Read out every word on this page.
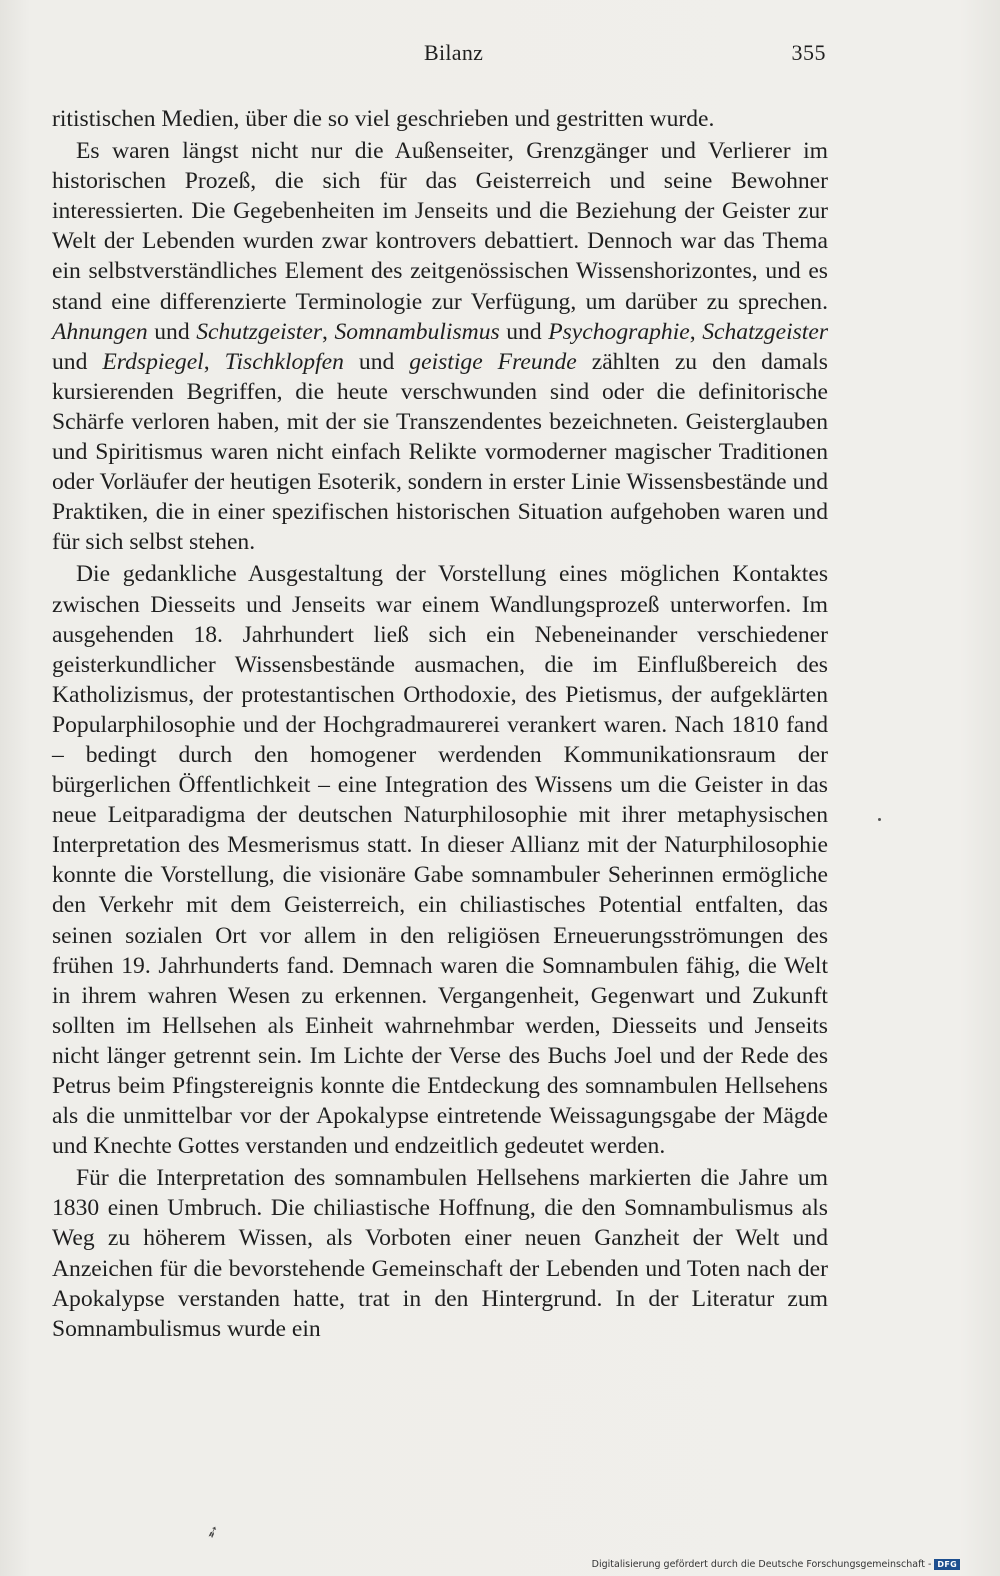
Bilanz	355

ritistischen Medien, über die so viel geschrieben und gestritten wurde.

Es waren längst nicht nur die Außenseiter, Grenzgänger und Verlierer im historischen Prozeß, die sich für das Geisterreich und seine Bewohner interessierten. Die Gegebenheiten im Jenseits und die Beziehung der Geister zur Welt der Lebenden wurden zwar kontrovers debattiert. Dennoch war das Thema ein selbstverständliches Element des zeitgenössischen Wissenshorizontes, und es stand eine differenzierte Terminologie zur Verfügung, um darüber zu sprechen. Ahnungen und Schutzgeister, Somnambulismus und Psychographie, Schatzgeister und Erdspiegel, Tischklopfen und geistige Freunde zählten zu den damals kursierenden Begriffen, die heute verschwunden sind oder die definitorische Schärfe verloren haben, mit der sie Transzendentes bezeichneten. Geisterglauben und Spiritismus waren nicht einfach Relikte vormoderner magischer Traditionen oder Vorläufer der heutigen Esoterik, sondern in erster Linie Wissensbestände und Praktiken, die in einer spezifischen historischen Situation aufgehoben waren und für sich selbst stehen.

Die gedankliche Ausgestaltung der Vorstellung eines möglichen Kontaktes zwischen Diesseits und Jenseits war einem Wandlungsprozeß unterworfen. Im ausgehenden 18. Jahrhundert ließ sich ein Nebeneinander verschiedener geisterkundlicher Wissensbestände ausmachen, die im Einflußbereich des Katholizismus, der protestantischen Orthodoxie, des Pietismus, der aufgeklärten Popularphilosophie und der Hochgradmaurerei verankert waren. Nach 1810 fand – bedingt durch den homogener werdenden Kommunikationsraum der bürgerlichen Öffentlichkeit – eine Integration des Wissens um die Geister in das neue Leitparadigma der deutschen Naturphilosophie mit ihrer metaphysischen Interpretation des Mesmerismus statt. In dieser Allianz mit der Naturphilosophie konnte die Vorstellung, die visionäre Gabe somnambuler Seherinnen ermögliche den Verkehr mit dem Geisterreich, ein chiliastisches Potential entfalten, das seinen sozialen Ort vor allem in den religiösen Erneuerungsströmungen des frühen 19. Jahrhunderts fand. Demnach waren die Somnambulen fähig, die Welt in ihrem wahren Wesen zu erkennen. Vergangenheit, Gegenwart und Zukunft sollten im Hellsehen als Einheit wahrnehmbar werden, Diesseits und Jenseits nicht länger getrennt sein. Im Lichte der Verse des Buchs Joel und der Rede des Petrus beim Pfingstereignis konnte die Entdeckung des somnambulen Hellsehens als die unmittelbar vor der Apokalypse eintretende Weissagungsgabe der Mägde und Knechte Gottes verstanden und endzeitlich gedeutet werden.

Für die Interpretation des somnambulen Hellsehens markierten die Jahre um 1830 einen Umbruch. Die chiliastische Hoffnung, die den Somnambulismus als Weg zu höherem Wissen, als Vorboten einer neuen Ganzheit der Welt und Anzeichen für die bevorstehende Gemeinschaft der Lebenden und Toten nach der Apokalypse verstanden hatte, trat in den Hintergrund. In der Literatur zum Somnambulismus wurde ein

➶
Digitalisierung gefördert durch die Deutsche Forschungsgemeinschaft - DFG
